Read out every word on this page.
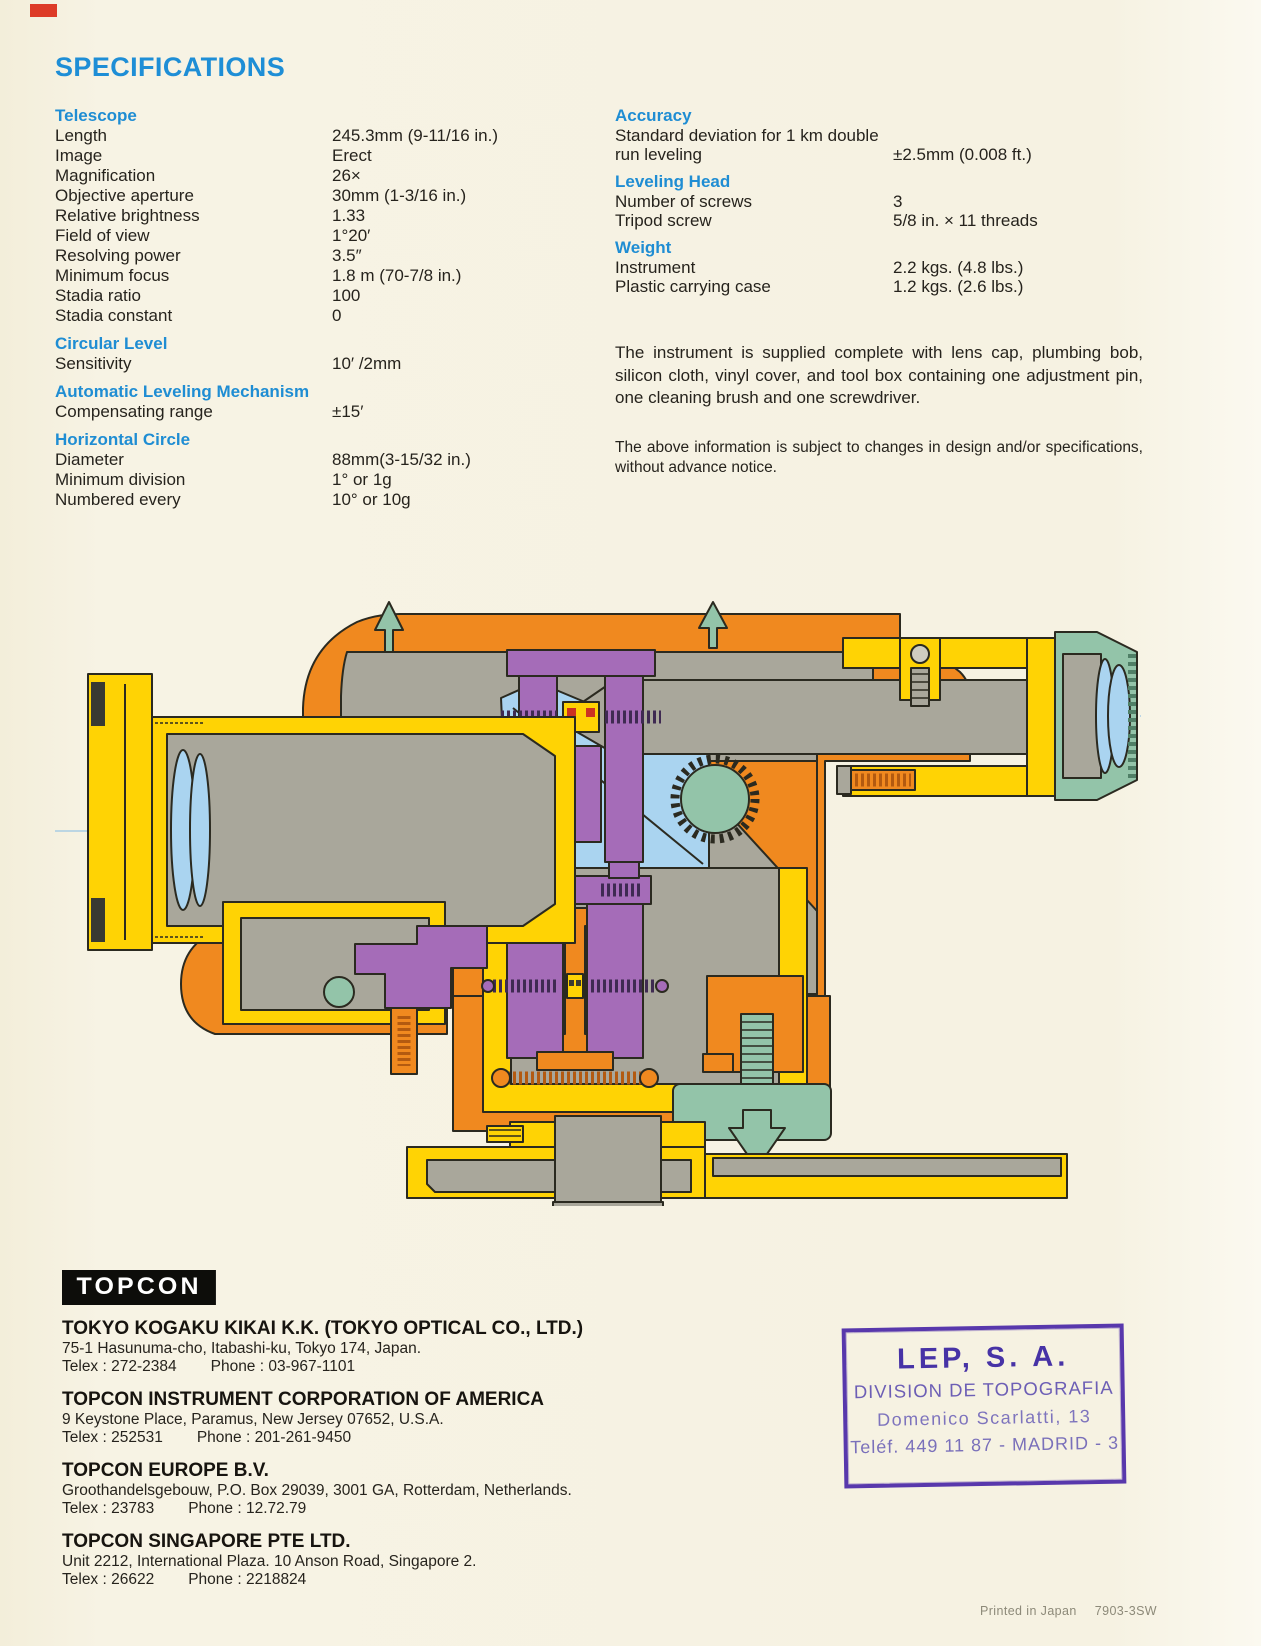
SPECIFICATIONS
Telescope
Length	245.3mm (9-11/16 in.)
Image	Erect
Magnification	26×
Objective aperture	30mm (1-3/16 in.)
Relative brightness	1.33
Field of view	1°20′
Resolving power	3.5″
Minimum focus	1.8 m (70-7/8 in.)
Stadia ratio	100
Stadia constant	0
Circular Level
Sensitivity	10′ /2mm
Automatic Leveling Mechanism
Compensating range	±15′
Horizontal Circle
Diameter	88mm(3-15/32 in.)
Minimum division	1° or 1g
Numbered every	10° or 10g
Accuracy
Standard deviation for 1 km double run leveling	±2.5mm (0.008 ft.)
Leveling Head
Number of screws	3
Tripod screw	5/8 in. × 11 threads
Weight
Instrument	2.2 kgs. (4.8 lbs.)
Plastic carrying case	1.2 kgs. (2.6 lbs.)
The instrument is supplied complete with lens cap, plumbing bob, silicon cloth, vinyl cover, and tool box containing one adjustment pin, one cleaning brush and one screwdriver.
The above information is subject to changes in design and/or specifications, without advance notice.
TOPCON
TOKYO KOGAKU KIKAI K.K. (TOKYO OPTICAL CO., LTD.)
75-1 Hasunuma-cho, Itabashi-ku, Tokyo 174, Japan.
Telex : 272-2384 Phone : 03-967-1101
TOPCON INSTRUMENT CORPORATION OF AMERICA
9 Keystone Place, Paramus, New Jersey 07652, U.S.A.
Telex : 252531 Phone : 201-261-9450
TOPCON EUROPE B.V.
Groothandelsgebouw, P.O. Box 29039, 3001 GA, Rotterdam, Netherlands.
Telex : 23783 Phone : 12.72.79
TOPCON SINGAPORE PTE LTD.
Unit 2212, International Plaza. 10 Anson Road, Singapore 2.
Telex : 26622 Phone : 2218824
LEP, S. A.
DIVISION DE TOPOGRAFIA
Domenico Scarlatti, 13
Teléf. 449 11 87 - MADRID - 3
Printed in Japan 7903-3SW
